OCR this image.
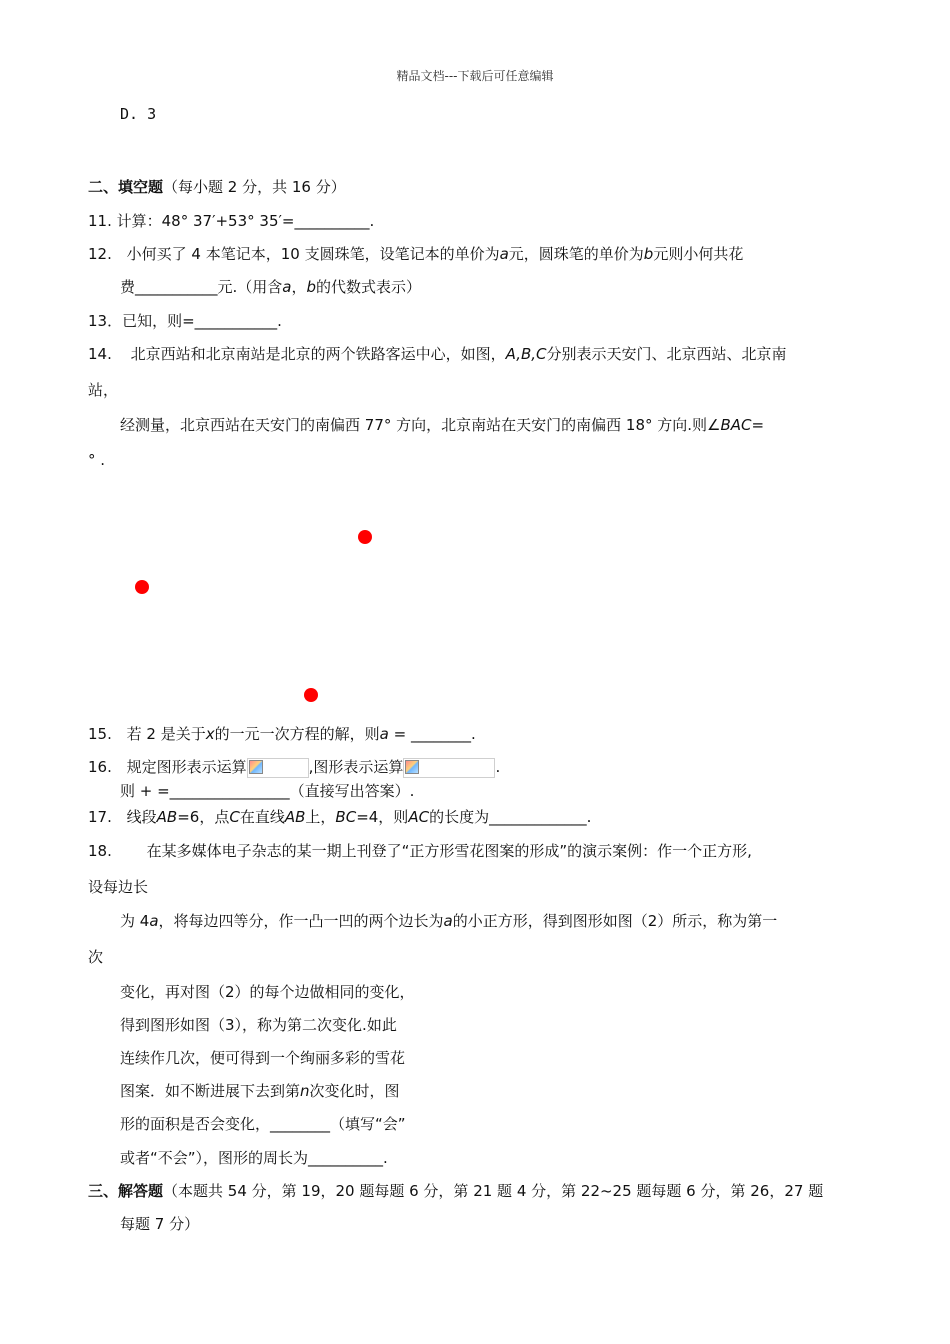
精品文档---下载后可任意编辑
D. 3
二、填空题（每小题 2 分，共 16 分）
11. 计算：48° 37′+53° 35′=__________.
12. 小何买了 4 本笔记本，10 支圆珠笔，设笔记本的单价为a元，圆珠笔的单价为b元则小何共花
费___________元.（用含a，b的代数式表示）
13．已知，则=___________.
14. 北京西站和北京南站是北京的两个铁路客运中心，如图，A,B,C分别表示天安门、北京西站、北京南
站，
经测量，北京西站在天安门的南偏西 77° 方向，北京南站在天安门的南偏西 18° 方向.则∠BAC=
° .
15. 若 2 是关于x的一元一次方程的解，则a = ________.
16. 规定图形表示运算	,图形表示运算	.
则 + =________________（直接写出答案）.
17. 线段AB=6，点C在直线AB上，BC=4，则AC的长度为_____________.
18. 在某多媒体电子杂志的某一期上刊登了“正方形雪花图案的形成”的演示案例：作一个正方形,
设每边长
为 4a，将每边四等分，作一凸一凹的两个边长为a的小正方形，得到图形如图（2）所示，称为第一
次
变化，再对图（2）的每个边做相同的变化，
得到图形如图（3），称为第二次变化.如此
连续作几次，便可得到一个绚丽多彩的雪花
图案．如不断进展下去到第n次变化时，图
形的面积是否会变化，________（填写“会”
或者“不会”），图形的周长为__________.
三、解答题（本题共 54 分，第 19，20 题每题 6 分，第 21 题 4 分，第 22~25 题每题 6 分，第 26，27 题
每题 7 分）
